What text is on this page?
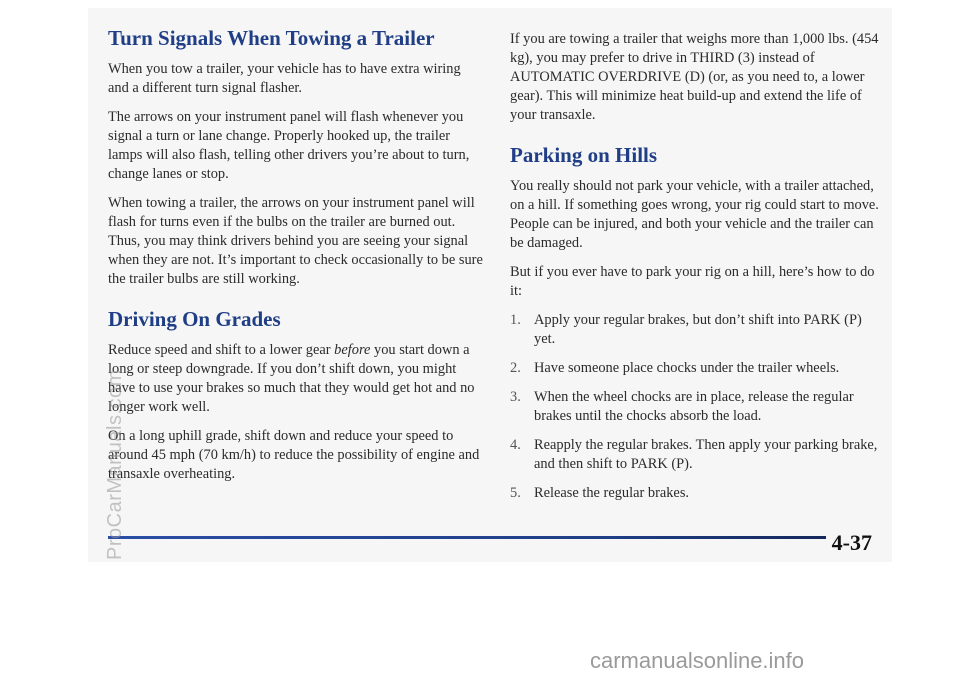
Turn Signals When Towing a Trailer

When you tow a trailer, your vehicle has to have extra wiring and a different turn signal flasher.

The arrows on your instrument panel will flash whenever you signal a turn or lane change. Properly hooked up, the trailer lamps will also flash, telling other drivers you’re about to turn, change lanes or stop.

When towing a trailer, the arrows on your instrument panel will flash for turns even if the bulbs on the trailer are burned out. Thus, you may think drivers behind you are seeing your signal when they are not. It’s important to check occasionally to be sure the trailer bulbs are still working.

Driving On Grades

Reduce speed and shift to a lower gear before you start down a long or steep downgrade. If you don’t shift down, you might have to use your brakes so much that they would get hot and no longer work well.

On a long uphill grade, shift down and reduce your speed to around 45 mph (70 km/h) to reduce the possibility of engine and transaxle overheating.

If you are towing a trailer that weighs more than 1,000 lbs. (454 kg), you may prefer to drive in THIRD (3) instead of AUTOMATIC OVERDRIVE (D) (or, as you need to, a lower gear). This will minimize heat build-up and extend the life of your transaxle.

Parking on Hills

You really should not park your vehicle, with a trailer attached, on a hill. If something goes wrong, your rig could start to move. People can be injured, and both your vehicle and the trailer can be damaged.

But if you ever have to park your rig on a hill, here’s how to do it:

1. Apply your regular brakes, but don’t shift into PARK (P) yet.
2. Have someone place chocks under the trailer wheels.
3. When the wheel chocks are in place, release the regular brakes until the chocks absorb the load.
4. Reapply the regular brakes. Then apply your parking brake, and then shift to PARK (P).
5. Release the regular brakes.
4-37
ProCarManuals.com
carmanualsonline.info
